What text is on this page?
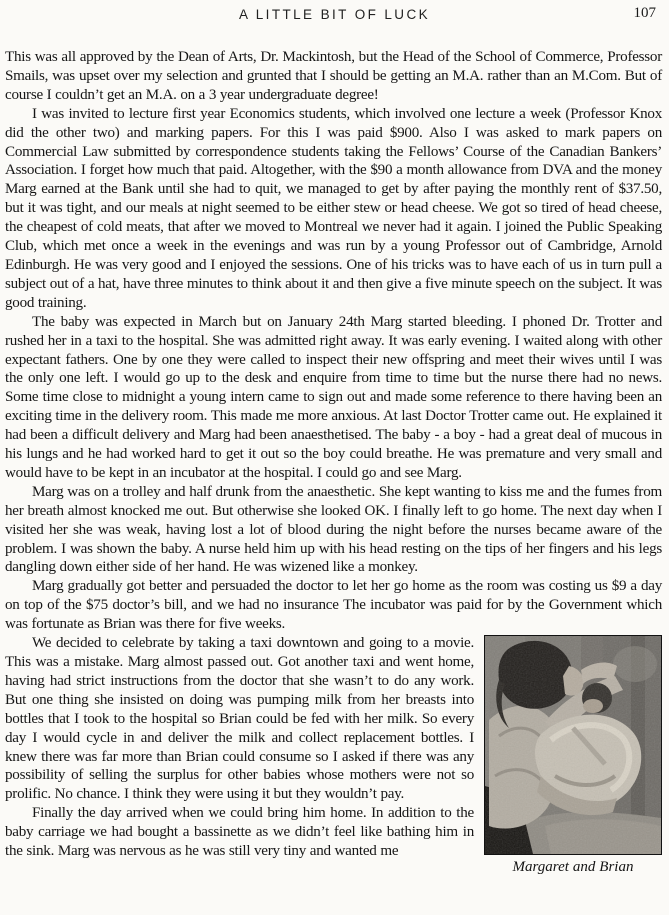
A LITTLE BIT OF LUCK	107

This was all approved by the Dean of Arts, Dr. Mackintosh, but the Head of the School of Commerce, Professor Smails, was upset over my selection and grunted that I should be getting an M.A. rather than an M.Com. But of course I couldn’t get an M.A. on a 3 year undergraduate degree!

I was invited to lecture first year Economics students, which involved one lecture a week (Professor Knox did the other two) and marking papers. For this I was paid $900. Also I was asked to mark papers on Commercial Law submitted by correspondence students taking the Fellows’ Course of the Canadian Bankers’ Association. I forget how much that paid. Altogether, with the $90 a month allowance from DVA and the money Marg earned at the Bank until she had to quit, we managed to get by after paying the monthly rent of $37.50, but it was tight, and our meals at night seemed to be either stew or head cheese. We got so tired of head cheese, the cheapest of cold meats, that after we moved to Montreal we never had it again. I joined the Public Speaking Club, which met once a week in the evenings and was run by a young Professor out of Cambridge, Arnold Edinburgh. He was very good and I enjoyed the sessions. One of his tricks was to have each of us in turn pull a subject out of a hat, have three minutes to think about it and then give a five minute speech on the subject. It was good training.

The baby was expected in March but on January 24th Marg started bleeding. I phoned Dr. Trotter and rushed her in a taxi to the hospital. She was admitted right away. It was early evening. I waited along with other expectant fathers. One by one they were called to inspect their new offspring and meet their wives until I was the only one left. I would go up to the desk and enquire from time to time but the nurse there had no news. Some time close to midnight a young intern came to sign out and made some reference to there having been an exciting time in the delivery room. This made me more anxious. At last Doctor Trotter came out. He explained it had been a difficult delivery and Marg had been anaesthetised. The baby - a boy - had a great deal of mucous in his lungs and he had worked hard to get it out so the boy could breathe. He was premature and very small and would have to be kept in an incubator at the hospital. I could go and see Marg.

Marg was on a trolley and half drunk from the anaesthetic. She kept wanting to kiss me and the fumes from her breath almost knocked me out. But otherwise she looked OK. I finally left to go home. The next day when I visited her she was weak, having lost a lot of blood during the night before the nurses became aware of the problem. I was shown the baby. A nurse held him up with his head resting on the tips of her fingers and his legs dangling down either side of her hand. He was wizened like a monkey.

Marg gradually got better and persuaded the doctor to let her go home as the room was costing us $9 a day on top of the $75 doctor’s bill, and we had no insurance The incubator was paid for by the Government which was fortunate as Brian was there for five weeks.

Margaret and Brian

We decided to celebrate by taking a taxi downtown and going to a movie. This was a mistake. Marg almost passed out. Got another taxi and went home, having had strict instructions from the doctor that she wasn’t to do any work. But one thing she insisted on doing was pumping milk from her breasts into bottles that I took to the hospital so Brian could be fed with her milk. So every day I would cycle in and deliver the milk and collect replacement bottles. I knew there was far more than Brian could consume so I asked if there was any possibility of selling the surplus for other babies whose mothers were not so prolific. No chance. I think they were using it but they wouldn’t pay.

Finally the day arrived when we could bring him home. In addition to the baby carriage we had bought a bassinette as we didn’t feel like bathing him in the sink. Marg was nervous as he was still very tiny and wanted me
